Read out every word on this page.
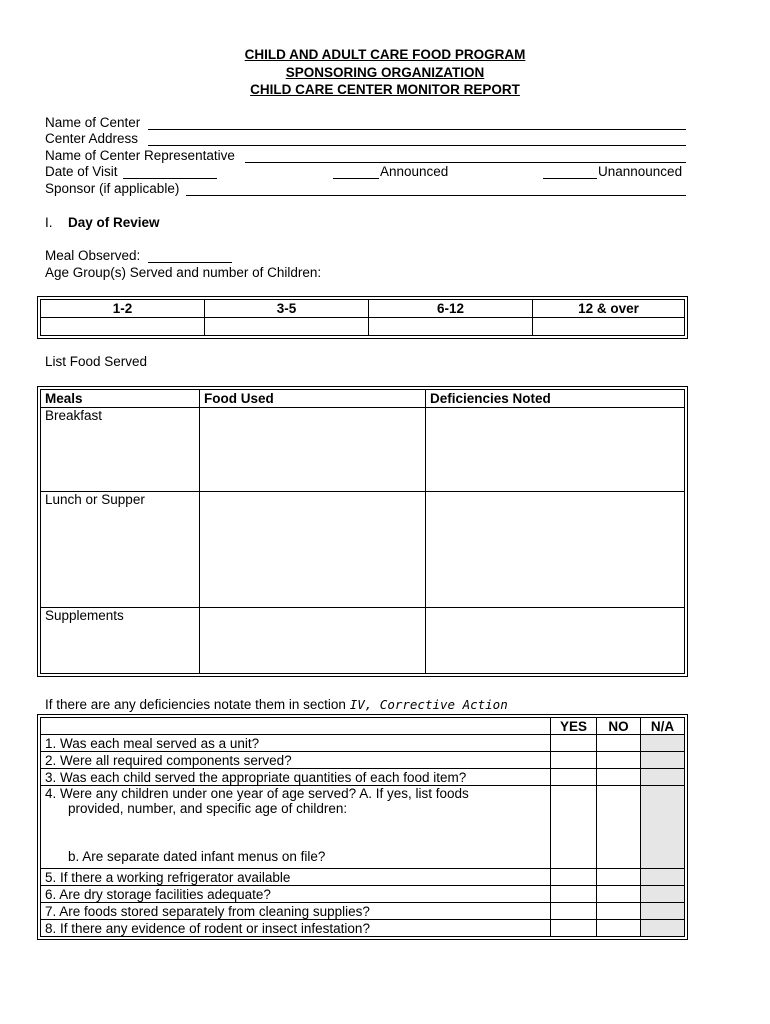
CHILD AND ADULT CARE FOOD PROGRAM
SPONSORING ORGANIZATION
CHILD CARE CENTER MONITOR REPORT
Name of Center
Center Address
Name of Center Representative
Date of Visit	Announced	Unannounced
Sponsor (if applicable)
I. Day of Review
Meal Observed:
Age Group(s) Served and number of Children:
1-2	3-5	6-12	12 & over

List Food Served
Meals	Food Used	Deficiencies Noted
Breakfast		
Lunch or Supper		
Supplements		
If there are any deficiencies notate them in section IV, Corrective Action
	YES	NO	N/A
1. Was each meal served as a unit?			
2. Were all required components served?			
3. Was each child served the appropriate quantities of each food item?			

4. Were any children under one year of age served? A. If yes, list foods
provided, number, and specific age of children:
b. Are separate dated infant menus on file?			

5. If there a working refrigerator available			
6. Are dry storage facilities adequate?			
7. Are foods stored separately from cleaning supplies?			
8. If there any evidence of rodent or insect infestation?			
